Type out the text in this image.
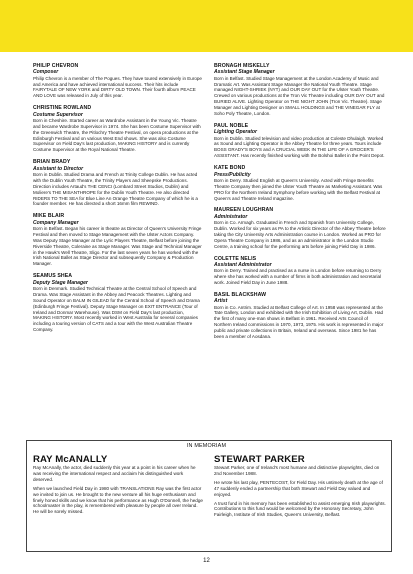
PHILIP CHEVRON
Composer
Philip Chevron is a member of The Pogues. They have toured extensively in Europe and America and have achieved international success. Their hits include FAIRYTALE OF NEW YORK and DIRTY OLD TOWN. Their fourth album PEACE AND LOVE was released in July of this year.
CHRISTINE ROWLAND
Costume Supervisor
Born in Cheshire. Started career as Wardrobe Assistant in the Young Vic. Theatre and became Wardrobe Supervisor in 1974. She has been Costume Supervisor with the Greenwich Theatre, the Pitlochry Theatre Festival, on opera productions at the Edinburgh Festival and on various West End shows. She was also Costume Supervisor on Field Day's last production, MAKING HISTORY and is currently Costume Supervisor at the Royal National Theatre.
BRIAN BRADY
Assistant to Director
Born in Dublin. Studied Drama and French at Trinity College Dublin. He has acted with the Dublin Youth Theatre, the Trinity Players and Sheepske Productions. Direction includes Artaud's THE CENCI (Lombard Street Studios, Dublin) and Moliere's THE MISANTHROPE for the Dublin Youth Theatre. He also directed RIDERS TO THE SEA for Blue Line An Orange Theatre Company of which he is a founder member. He has directed a short 16mm film REWIND.
MIKE BLAIR
Company Manager
Born in Belfast. Began his career in theatre as Director of Queen's University Fringe Festival and then moved to Stage Management with the Ulster Actors Company. Was Deputy Stage Manager at the Lyric Players Theatre, Belfast before joining the Riverside Theatre, Coleraine as Stage Manager. Was Stage and Technical Manager in the Hawk's Well Theatre, Sligo. For the last seven years he has worked with the Irish National Ballet as Stage Director and subsequently Company & Production Manager.
SEAMUS SHEA
Deputy Stage Manager
Born in Denmark. Studied Technical Theatre at the Central School of Speech and Drama. Was Stage Assistant in the Abbey and Peacock Theatres. Lighting and Sound Operator on BALM IN GILEAD for the Central School of Speech and Drama (Edinburgh Fringe Festival). Deputy Stage Manager on EXIT ENTRANCE (Tour of Ireland and Donmar Warehouse). Was DSM on Field Day's last production, MAKING HISTORY. Most recently worked in West Australia for several companies including a touring version of CATS and a tour with the West Australian Theatre Company.
BRONAGH MISKELLY
Assistant Stage Manager
Born in Belfast. Studied Stage Management at the London Academy of Music and Dramatic Art. Was Assistant Stage Manager the National Youth Theatre. Stage managed NIGHT-SHRIEK (NYT) and OUR DAY OUT for the Ulster Youth Theatre. Crewed on various productions at the Tron Vic Theatre including OUR DAY OUT and BURIED ALIVE. Lighting Operator on THE NIGHT JOHN (Tron Vic. Theatre). Stage Manager and Lighting Designer on SMALL HOLDINGS and THE VINEGAR FLY at Soho Poly Theatre, London.
PAUL NOBLE
Lighting Operator
Born in Dublin. Studied television and video production at Coleste Dhulaigh. Worked as Sound and Lighting Operator in the Abbey Theatre for three years. Tours include BOSS GRADY'S BOYS and A CRUCIAL WEEK IN THE LIFE OF A GROCER'S ASSISTANT. Has recently finished working with the Bolshoi Ballet in the Point Depot.
KATE BOND
Press/Publicity
Born in Derry. Studied English at Queen's University. Acted with Fringe Benefits Theatre Company then joined the Ulster Youth Theatre as Marketing Assistant. Was PRO for the Northern Ireland Symphony before working with the Belfast Festival at Queen's and Theatre Ireland magazine.
MAUREEN LOUGHRAN
Administrator
Born in Co. Armagh. Graduated in French and Spanish from University College, Dublin. Worked for six years as PA to the Artistic Director of the Abbey Theatre before taking the City University Arts Administration course in London. Worked as PRO for Opera Theatre Company in 1986, and as an administrator in the London Studio Centre, a training school for the performing arts before joining Field Day in 1986.
COLETTE NELIS
Assistant Administrator
Born in Derry. Trained and practised as a nurse in London before returning to Derry where she has worked with a number of firms in both administration and secretarial work. Joined Field Day in June 1988.
BASIL BLACKSHAW
Artist
Born in Co. Antrim. Studied at Belfast College of Art. In 1958 was represented at the Tate Gallery, London and exhibited with the Irish Exhibition of Living Art, Dublin. Had the first of many one-man shows in Belfast in 1961. Received Arts Council of Northern Ireland commissions in 1970, 1973, 1975. His work is represented in major public and private collections in Britain, Ireland and overseas. Since 1981 he has been a member of Aosdana.
IN MEMORIAM
RAY McANALLY
Ray McAnally, the actor, died suddenly this year at a point in his career when he was receiving the international respect and acclaim his distinguished work deserved.
When we launched Field Day in 1980 with TRANSLATIONS Ray was the first actor we invited to join us. He brought to the new venture all his huge enthusiasm and finely honed skills and we know that his performance as Hugh O'Donnell, the hedge schoolmaster in the play, is remembered with pleasure by people all over Ireland. He will be sorely missed.
STEWART PARKER
Stewart Parker, one of Ireland's most humane and distinctive playwrights, died on 2nd November 1988.
He wrote his last play, PENTECOST, for Field Day. His untimely death at the age of 47 suddenly ended a partnership that both Stewart and Field Day valued and enjoyed.
A trust fund in his memory has been established to assist emerging Irish playwrights. Contributions to this fund would be welcomed by the Honorary Secretary, John Fairleigh, Institute of Irish Studies, Queen's University, Belfast.
12
